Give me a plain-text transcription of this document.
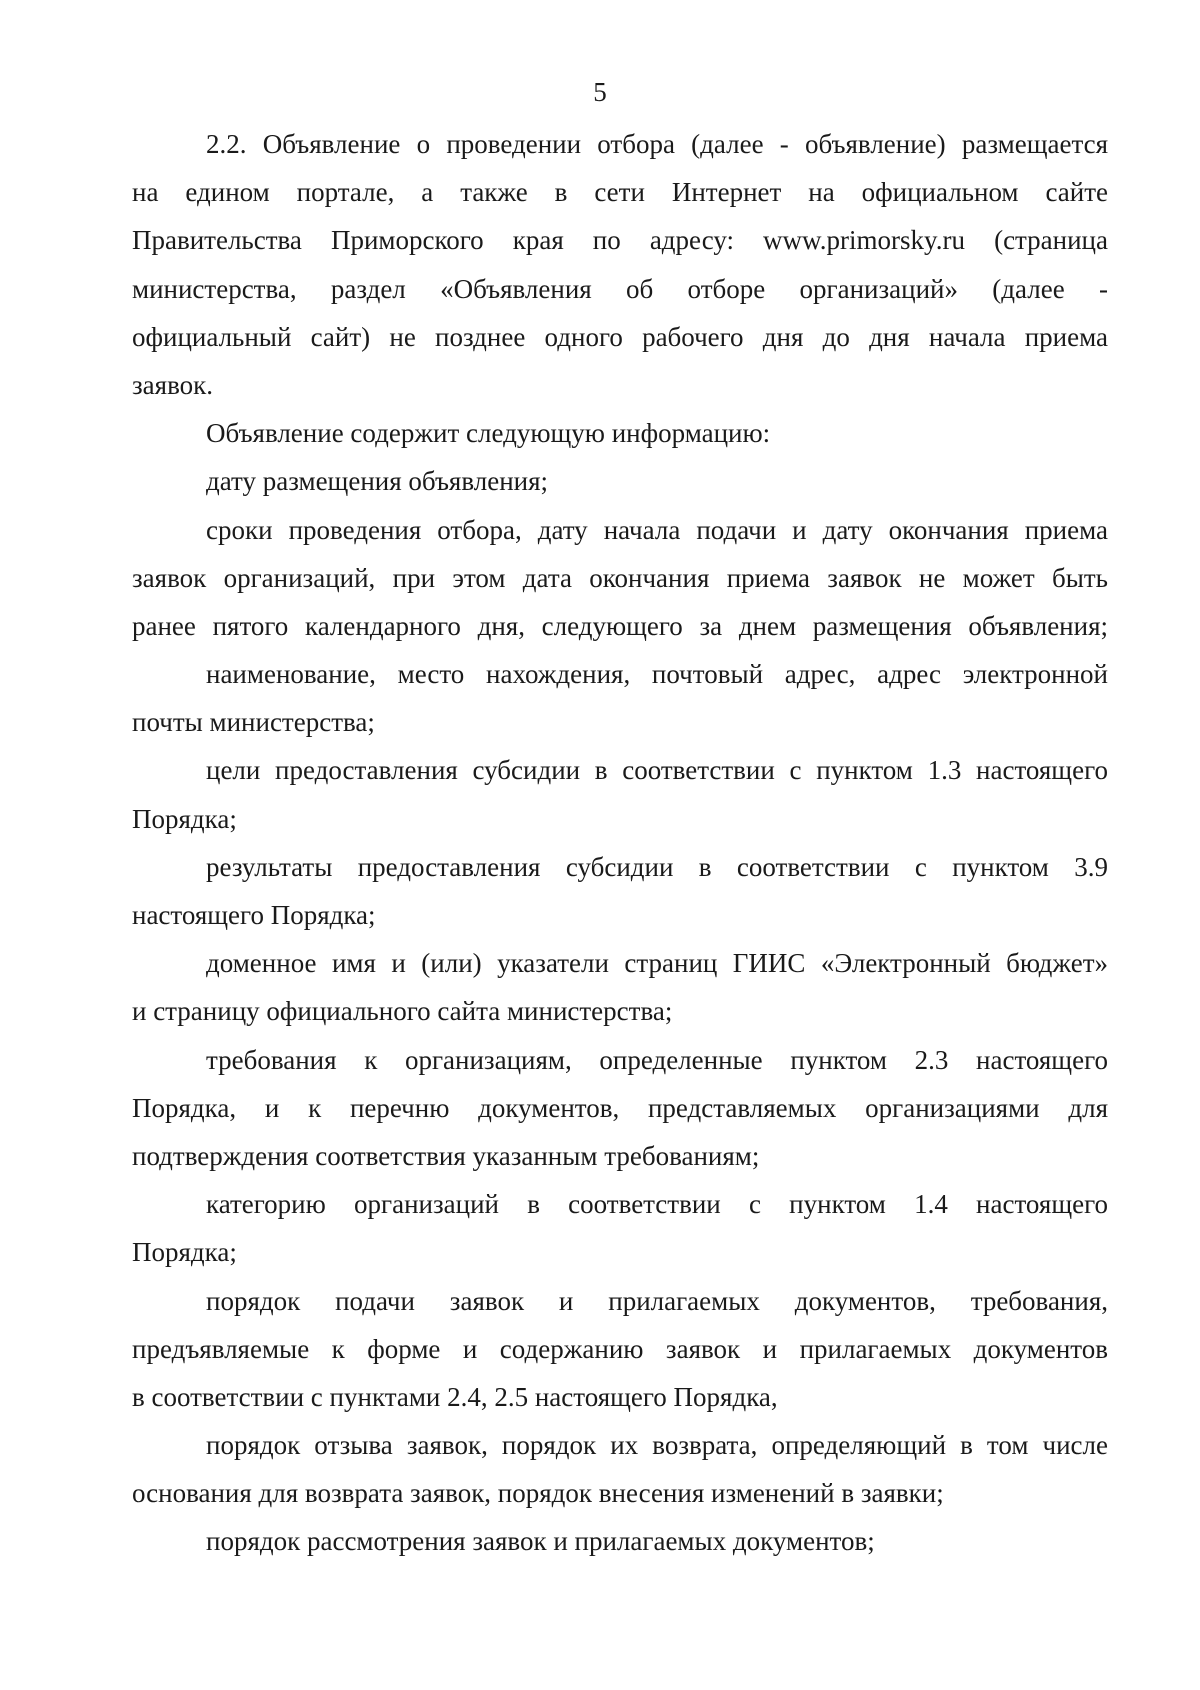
5
2.2. Объявление о проведении отбора (далее - объявление) размещается
на едином портале, а также в сети Интернет на официальном сайте
Правительства Приморского края по адресу: www.primorsky.ru (страница
министерства, раздел «Объявления об отборе организаций» (далее -
официальный сайт) не позднее одного рабочего дня до дня начала приема
заявок.
Объявление содержит следующую информацию:
дату размещения объявления;
сроки проведения отбора, дату начала подачи и дату окончания приема
заявок организаций, при этом дата окончания приема заявок не может быть
ранее пятого календарного дня, следующего за днем размещения объявления;
наименование, место нахождения, почтовый адрес, адрес электронной
почты министерства;
цели предоставления субсидии в соответствии с пунктом 1.3 настоящего
Порядка;
результаты предоставления субсидии в соответствии с пунктом 3.9
настоящего Порядка;
доменное имя и (или) указатели страниц ГИИС «Электронный бюджет»
и страницу официального сайта министерства;
требования к организациям, определенные пунктом 2.3 настоящего
Порядка, и к перечню документов, представляемых организациями для
подтверждения соответствия указанным требованиям;
категорию организаций в соответствии с пунктом 1.4 настоящего
Порядка;
порядок подачи заявок и прилагаемых документов, требования,
предъявляемые к форме и содержанию заявок и прилагаемых документов
в соответствии с пунктами 2.4, 2.5 настоящего Порядка,
порядок отзыва заявок, порядок их возврата, определяющий в том числе
основания для возврата заявок, порядок внесения изменений в заявки;
порядок рассмотрения заявок и прилагаемых документов;
